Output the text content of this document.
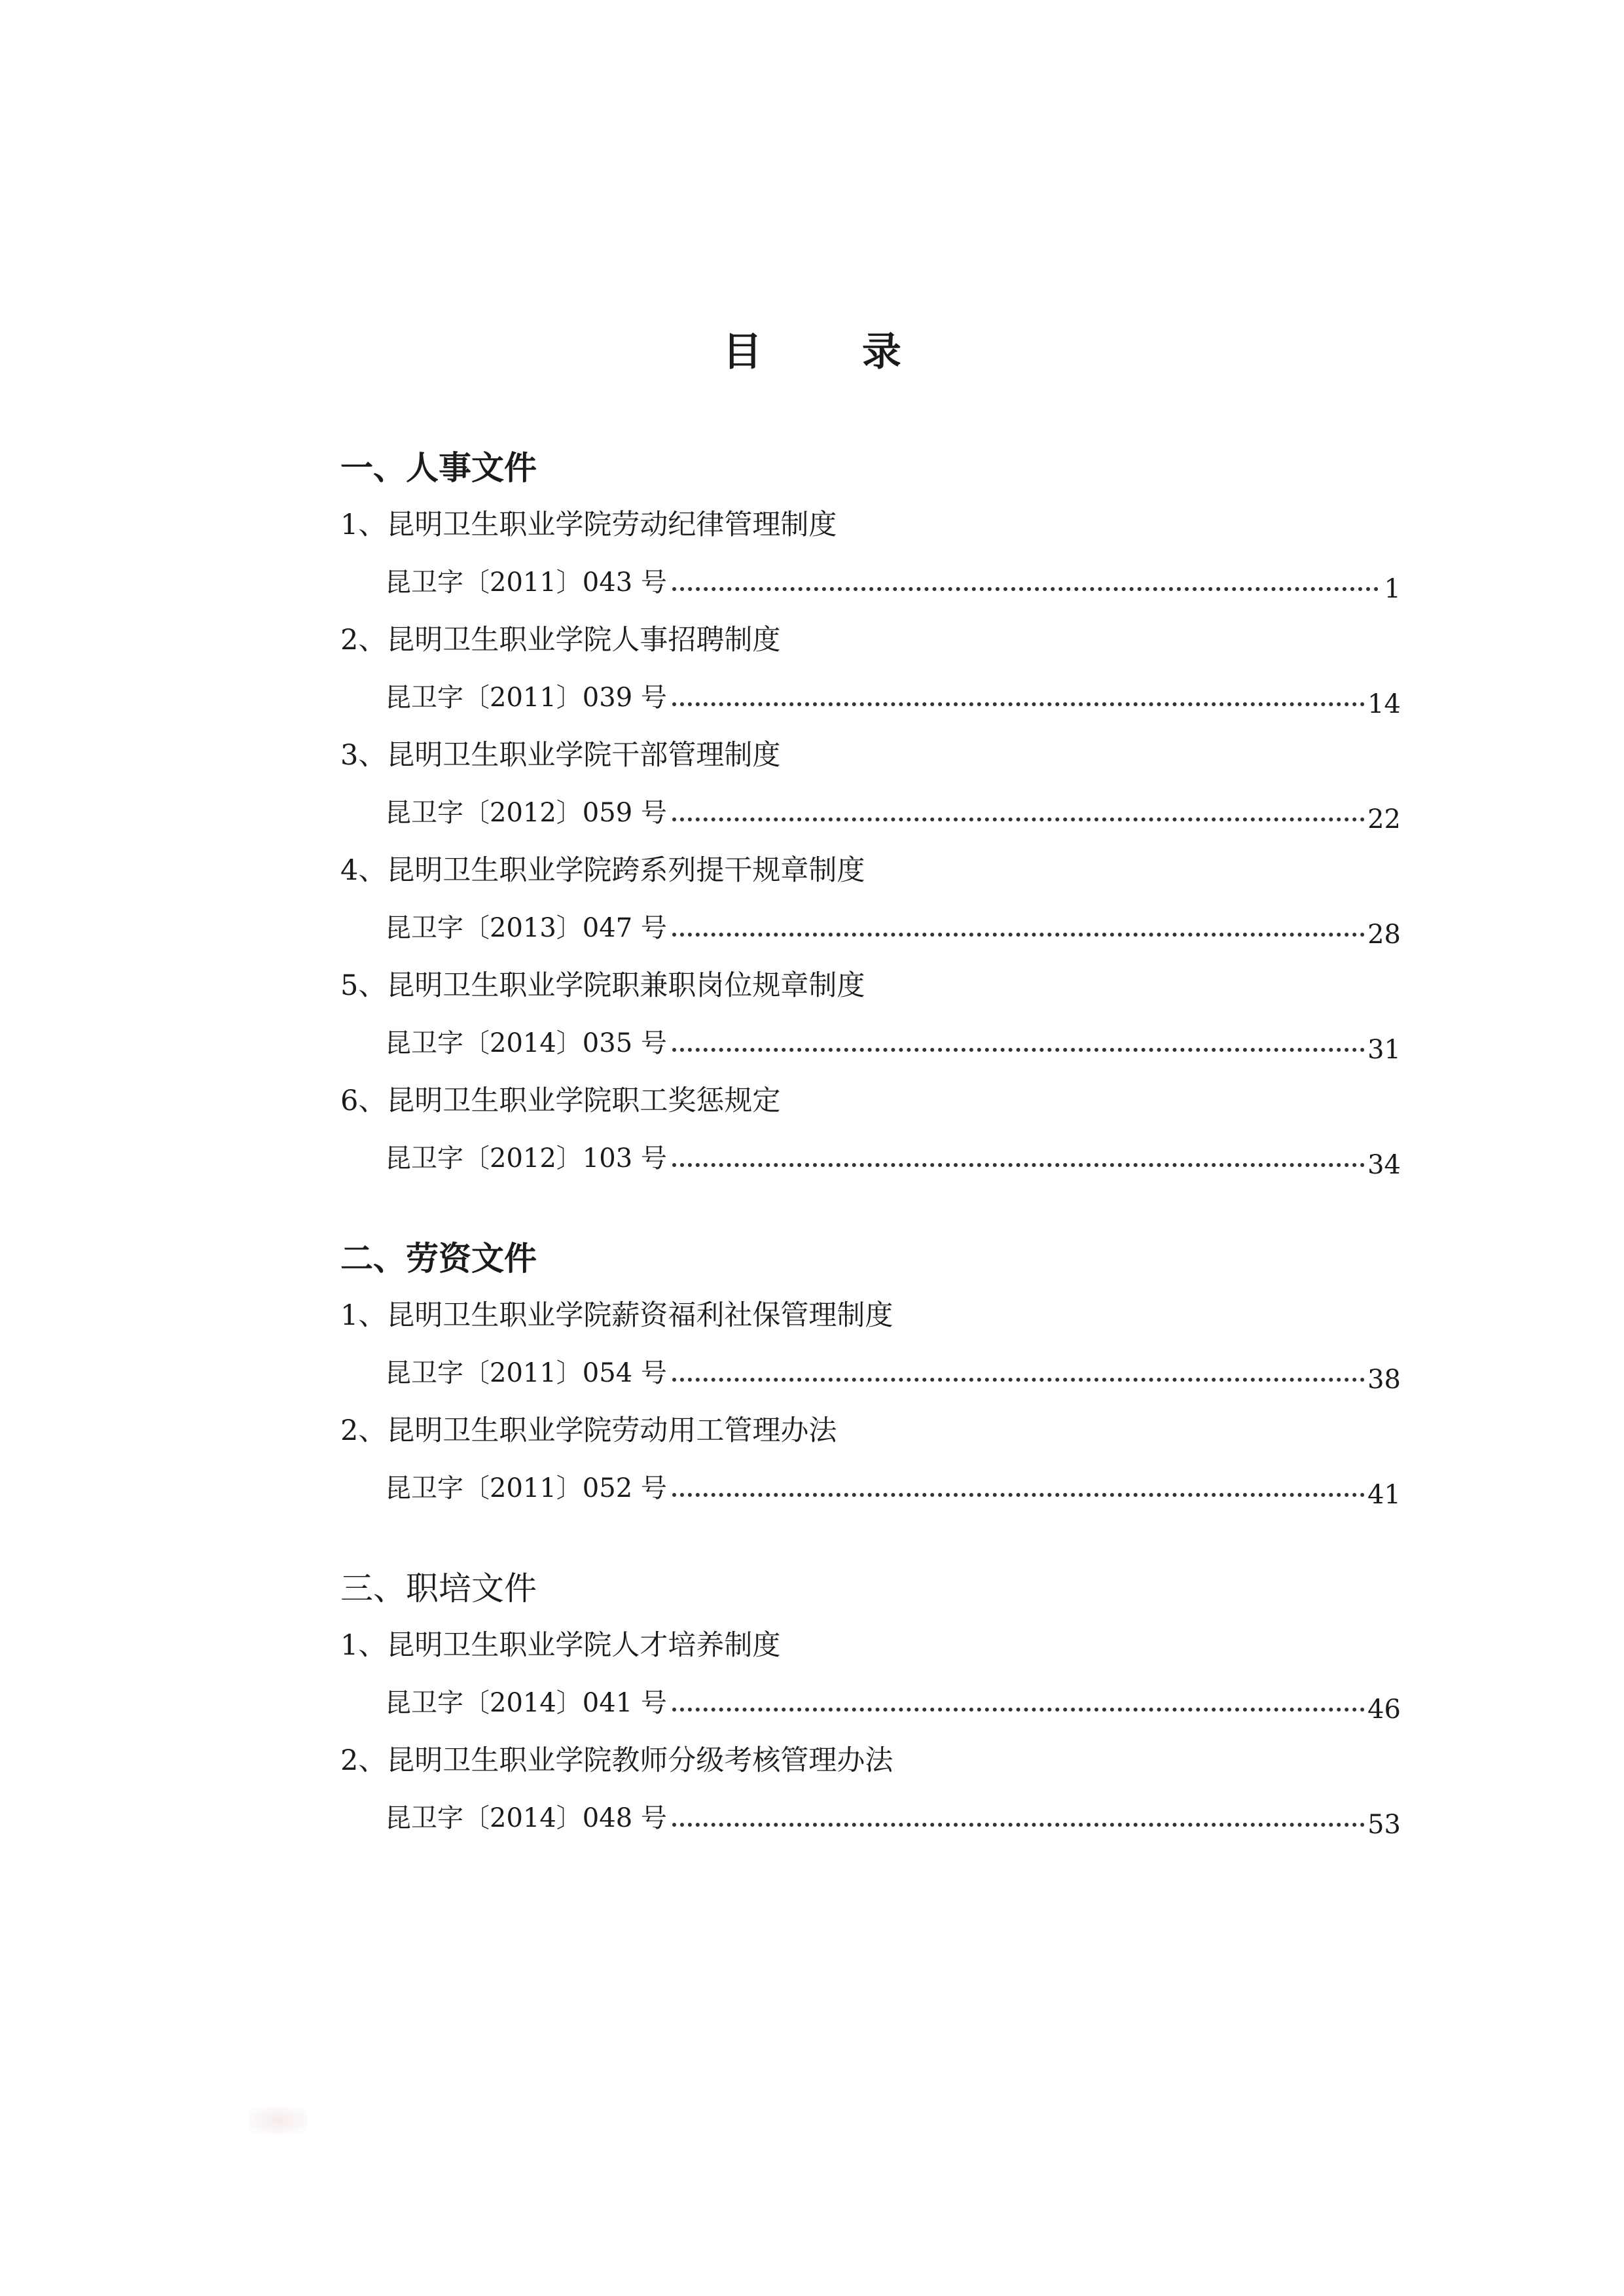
目 录
一、人事文件
1、昆明卫生职业学院劳动纪律管理制度
昆卫字〔2011〕043 号	1
2、昆明卫生职业学院人事招聘制度
昆卫字〔2011〕039 号	14
3、昆明卫生职业学院干部管理制度
昆卫字〔2012〕059 号	22
4、昆明卫生职业学院跨系列提干规章制度
昆卫字〔2013〕047 号	28
5、昆明卫生职业学院职兼职岗位规章制度
昆卫字〔2014〕035 号	31
6、昆明卫生职业学院职工奖惩规定
昆卫字〔2012〕103 号	34
二、劳资文件
1、昆明卫生职业学院薪资福利社保管理制度
昆卫字〔2011〕054 号	38
2、昆明卫生职业学院劳动用工管理办法
昆卫字〔2011〕052 号	41
三、职培文件
1、昆明卫生职业学院人才培养制度
昆卫字〔2014〕041 号	46
2、昆明卫生职业学院教师分级考核管理办法
昆卫字〔2014〕048 号	53
